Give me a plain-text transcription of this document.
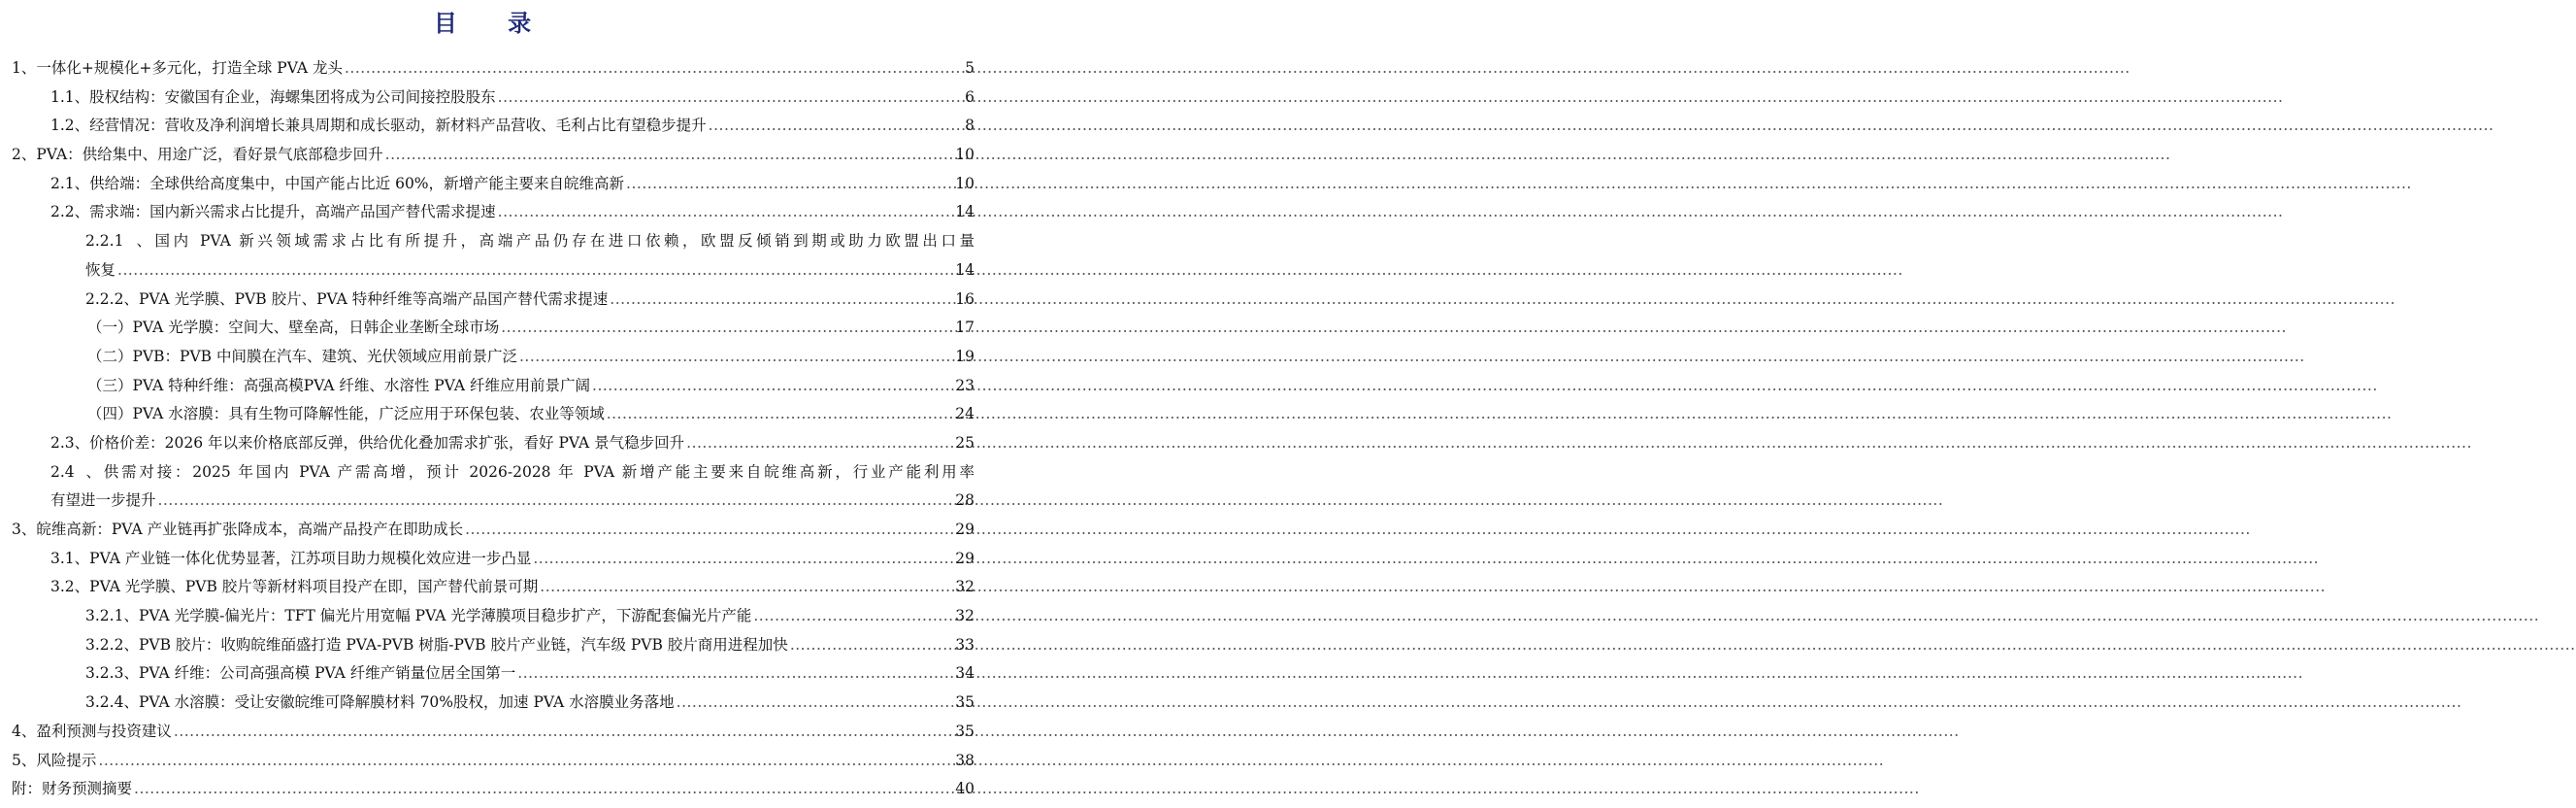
目 录
1、 一体化+规模化+多元化，打造全球 PVA 龙头 .....	5
1.1、 股权结构：安徽国有企业，海螺集团将成为公司间接控股股东 .....	6
1.2、 经营情况：营收及净利润增长兼具周期和成长驱动，新材料产品营收、毛利占比有望稳步提升 .....	8
2、 PVA：供给集中、用途广泛，看好景气底部稳步回升 .....	10
2.1、 供给端：全球供给高度集中，中国产能占比近 60%，新增产能主要来自皖维高新 .....	10
2.2、 需求端：国内新兴需求占比提升，高端产品国产替代需求提速 .....	14
2.2.1、国内 PVA 新兴领域需求占比有所提升，高端产品仍存在进口依赖，欧盟反倾销到期或助力欧盟出口量
恢复 .....	14
2.2.2、 PVA 光学膜、PVB 胶片、PVA 特种纤维等高端产品国产替代需求提速 .....	16
（一）PVA 光学膜：空间大、壁垒高，日韩企业垄断全球市场 .....	17
（二）PVB：PVB 中间膜在汽车、建筑、光伏领域应用前景广泛 .....	19
（三）PVA 特种纤维：高强高模PVA 纤维、水溶性 PVA 纤维应用前景广阔 .....	23
（四）PVA 水溶膜：具有生物可降解性能，广泛应用于环保包装、农业等领域 .....	24
2.3、 价格价差：2026 年以来价格底部反弹，供给优化叠加需求扩张，看好 PVA 景气稳步回升 .....	25
2.4、供需对接：2025 年国内 PVA 产需高增，预计 2026-2028 年 PVA 新增产能主要来自皖维高新，行业产能利用率
有望进一步提升 .....	28
3、 皖维高新：PVA 产业链再扩张降成本，高端产品投产在即助成长 .....	29
3.1、 PVA 产业链一体化优势显著，江苏项目助力规模化效应进一步凸显 .....	29
3.2、 PVA 光学膜、PVB 胶片等新材料项目投产在即，国产替代前景可期 .....	32
3.2.1、 PVA 光学膜-偏光片：TFT 偏光片用宽幅 PVA 光学薄膜项目稳步扩产，下游配套偏光片产能 .....	32
3.2.2、 PVB 胶片：收购皖维皕盛打造 PVA-PVB 树脂-PVB 胶片产业链，汽车级 PVB 胶片商用进程加快 .....	33
3.2.3、 PVA 纤维：公司高强高模 PVA 纤维产销量位居全国第一 .....	34
3.2.4、 PVA 水溶膜：受让安徽皖维可降解膜材料 70%股权，加速 PVA 水溶膜业务落地 .....	35
4、 盈利预测与投资建议 .....	35
5、 风险提示 .....	38
附： 财务预测摘要 .....	40
